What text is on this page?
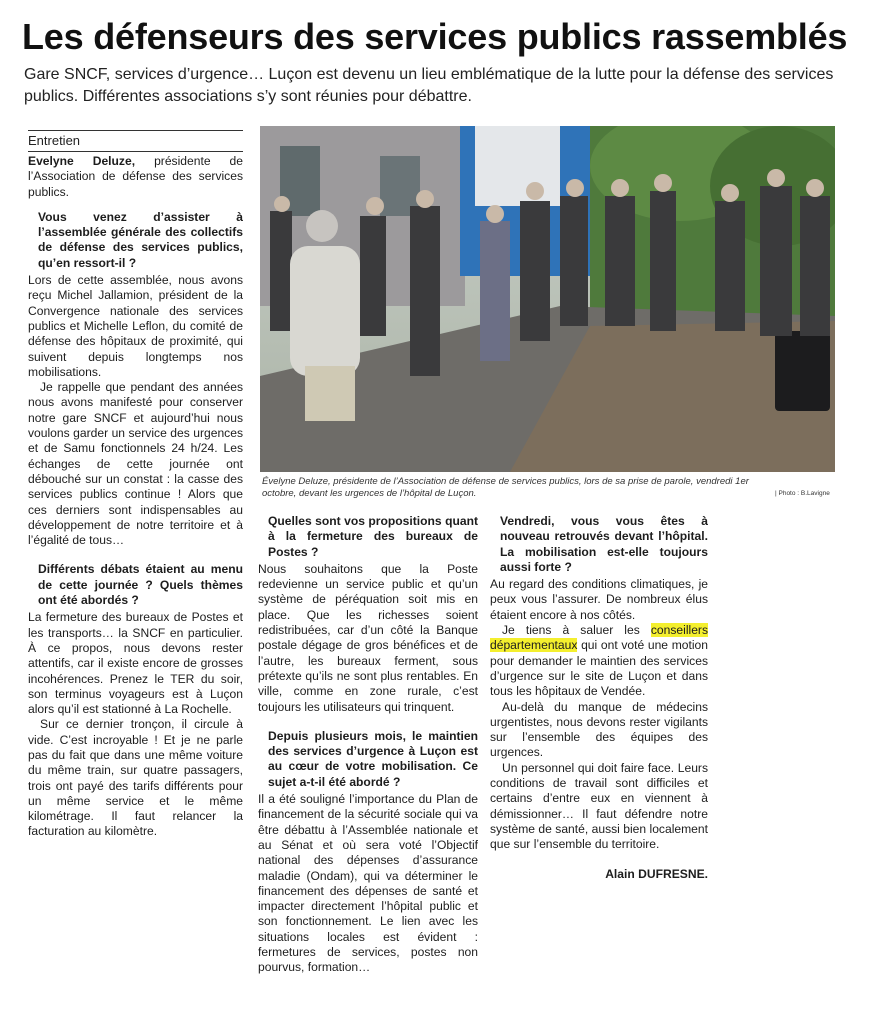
Les défenseurs des services publics rassemblés
Gare SNCF, services d’urgence… Luçon est devenu un lieu emblématique de la lutte pour la défense des services publics. Différentes associations s’y sont réunies pour débattre.
Entretien

Evelyne Deluze, présidente de l’Association de défense des services publics.

Vous venez d’assister à l’assemblée générale des collectifs de défense des services publics, qu’en ressort-il ?

Lors de cette assemblée, nous avons reçu Michel Jallamion, président de la Convergence nationale des services publics et Michelle Leflon, du comité de défense des hôpitaux de proximité, qui suivent depuis longtemps nos mobilisations.

Je rappelle que pendant des années nous avons manifesté pour conserver notre gare SNCF et aujourd’hui nous voulons garder un service des urgences et de Samu fonctionnels 24 h/24. Les échanges de cette journée ont débouché sur un constat : la casse des services publics continue ! Alors que ces derniers sont indispensables au développement de notre territoire et à l’égalité de tous…

Différents débats étaient au menu de cette journée ? Quels thèmes ont été abordés ?

La fermeture des bureaux de Postes et les transports… la SNCF en particulier. À ce propos, nous devons rester attentifs, car il existe encore de grosses incohérences. Prenez le TER du soir, son terminus voyageurs est à Luçon alors qu’il est stationné à La Rochelle.

Sur ce dernier tronçon, il circule à vide. C’est incroyable ! Et je ne parle pas du fait que dans une même voiture du même train, sur quatre passagers, trois ont payé des tarifs différents pour un même service et le même kilométrage. Il faut relancer la facturation au kilomètre.

Évelyne Deluze, présidente de l’Association de défense de services publics, lors de sa prise de parole, vendredi 1er octobre, devant les urgences de l’hôpital de Luçon.	| Photo : B.Lavigne

Quelles sont vos propositions quant à la fermeture des bureaux de Postes ?

Nous souhaitons que la Poste redevienne un service public et qu’un système de péréquation soit mis en place. Que les richesses soient redistribuées, car d’un côté la Banque postale dégage de gros bénéfices et de l’autre, les bureaux ferment, sous prétexte qu’ils ne sont plus rentables. En ville, comme en zone rurale, c’est toujours les utilisateurs qui trinquent.

Depuis plusieurs mois, le maintien des services d’urgence à Luçon est au cœur de votre mobilisation. Ce sujet a-t-il été abordé ?

Il a été souligné l’importance du Plan de financement de la sécurité sociale qui va être débattu à l’Assemblée nationale et au Sénat et où sera voté l’Objectif national des dépenses d’assurance maladie (Ondam), qui va déterminer le financement des dépenses de santé et impacter directement l’hôpital public et son fonctionnement. Le lien avec les situations locales est évident : fermetures de services, postes non pourvus, formation…

Vendredi, vous vous êtes à nouveau retrouvés devant l’hôpital. La mobilisation est-elle toujours aussi forte ?

Au regard des conditions climatiques, je peux vous l’assurer. De nombreux élus étaient encore à nos côtés.

Je tiens à saluer les conseillers départementaux qui ont voté une motion pour demander le maintien des services d’urgence sur le site de Luçon et dans tous les hôpitaux de Vendée.

Au-delà du manque de médecins urgentistes, nous devons rester vigilants sur l’ensemble des équipes des urgences.

Un personnel qui doit faire face. Leurs conditions de travail sont difficiles et certains d’entre eux en viennent à démissionner… Il faut défendre notre système de santé, aussi bien localement que sur l’ensemble du territoire.

Alain DUFRESNE.
